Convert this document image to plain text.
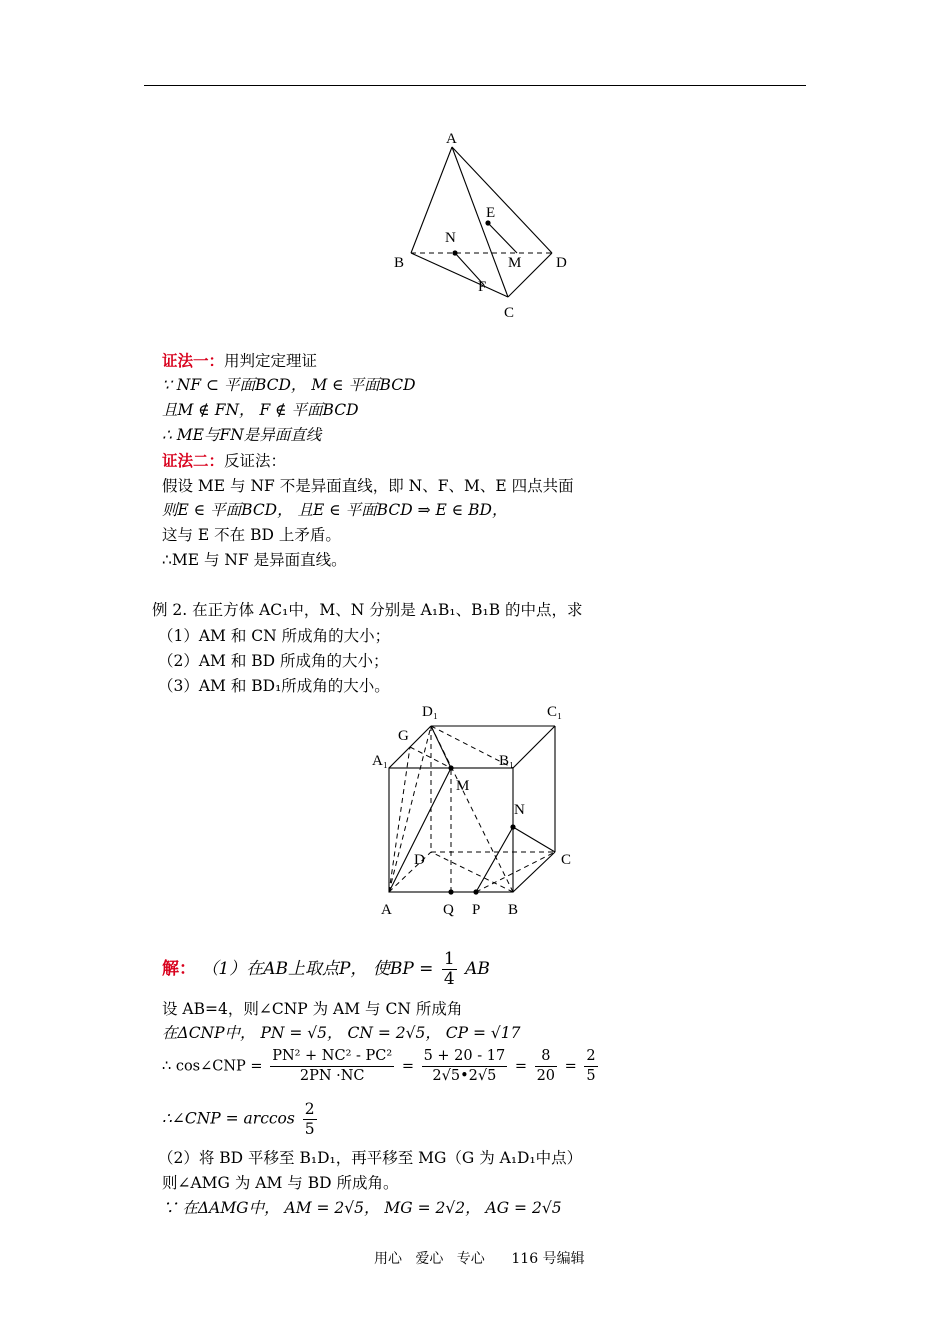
A
E
N
B	M D
F
C
证法一：用判定定理证
∵ NF ⊂ 平面BCD， M ∈ 平面BCD
且M ∉ FN， F ∉ 平面BCD
∴ ME与FN是异面直线
证法二：反证法：
假设 ME 与 NF 不是异面直线，即 N、F、M、E 四点共面
则E ∈ 平面BCD， 且E ∈ 平面BCD ⇒ E ∈ BD，
这与 E 不在 BD 上矛盾。
∴ME 与 NF 是异面直线。
例 2. 在正方体 AC₁中，M、N 分别是 A₁B₁、B₁B 的中点，求
（1）AM 和 CN 所成角的大小；
（2）AM 和 BD 所成角的大小；
（3）AM 和 BD₁所成角的大小。
D₁	C₁
G
A₁	B₁
M
N
D	C
A	Q P B
解： （1）在AB上取点P， 使BP = $\frac{1}{4}$ AB
设 AB=4，则∠CNP 为 AM 与 CN 所成角
在ΔCNP中， PN = √5， CN = 2√5， CP = √17
∴ cos∠CNP = $\frac{\text{PN² + NC² - PC²}}{2PN \cdot NC} = \frac{5 + 20 - 17}{2√5•2√5} = \frac{8}{20} = \frac{2}{5}$
∴∠CNP = $\arccos \frac{2}{5}$
（2）将 BD 平移至 B₁D₁，再平移至 MG（G 为 A₁D₁中点）
则∠AMG 为 AM 与 BD 所成角。
∵ 在ΔAMG中， AM = 2√5， MG = 2√2， AG = 2√5
用心   爱心   专心      116 号编辑
